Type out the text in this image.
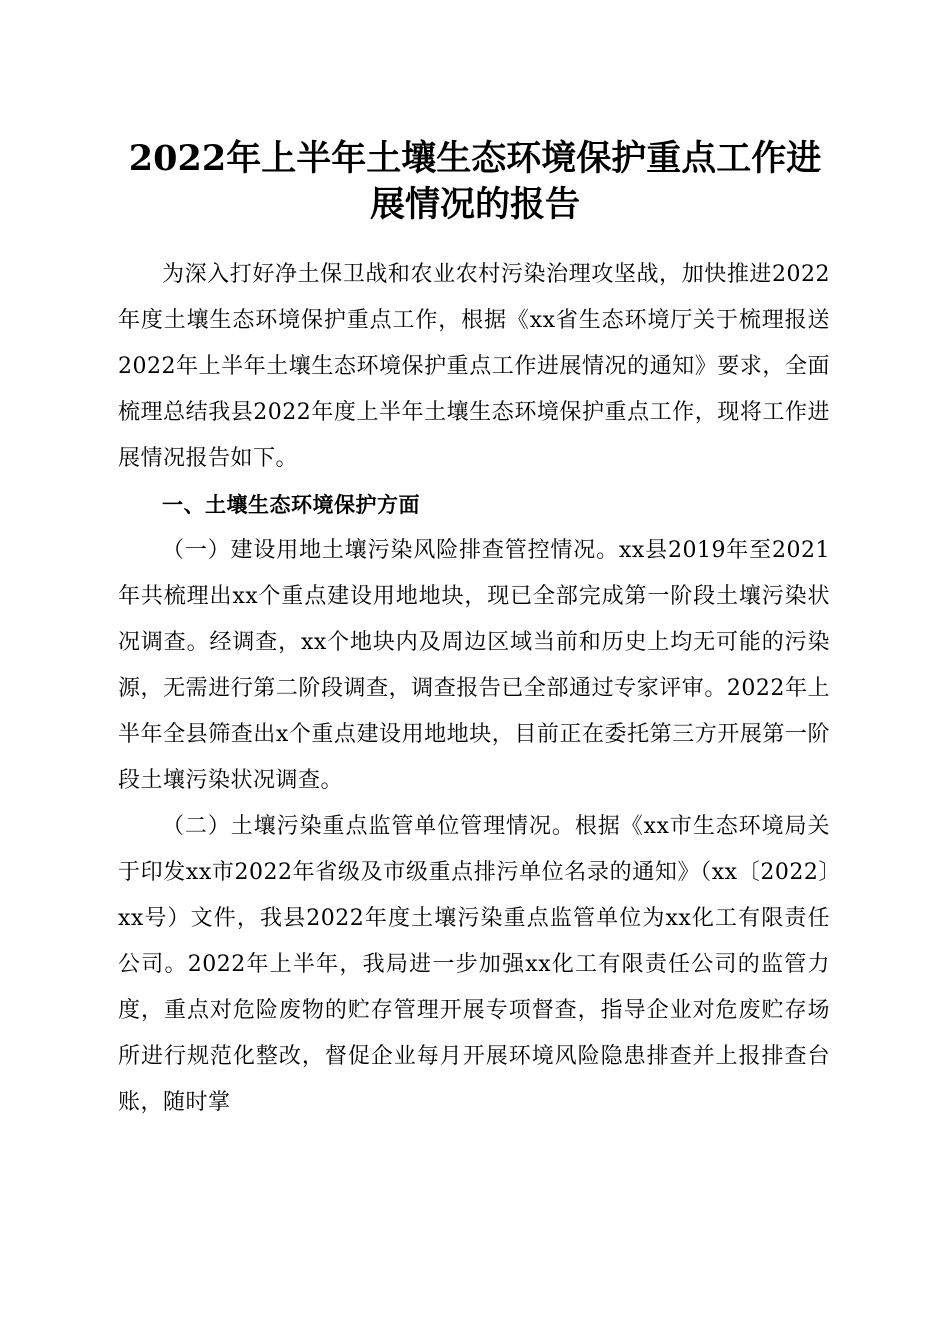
2022年上半年土壤生态环境保护重点工作进
展情况的报告

为深入打好净土保卫战和农业农村污染治理攻坚战，加快推进2022年度土壤生态环境保护重点工作，根据《xx省生态环境厅关于梳理报送2022年上半年土壤生态环境保护重点工作进展情况的通知》要求，全面梳理总结我县2022年度上半年土壤生态环境保护重点工作，现将工作进展情况报告如下。

一、土壤生态环境保护方面

（一）建设用地土壤污染风险排查管控情况。xx县2019年至2021年共梳理出xx个重点建设用地地块，现已全部完成第一阶段土壤污染状况调查。经调查，xx个地块内及周边区域当前和历史上均无可能的污染源，无需进行第二阶段调查，调查报告已全部通过专家评审。2022年上半年全县筛查出x个重点建设用地地块，目前正在委托第三方开展第一阶段土壤污染状况调查。

（二）土壤污染重点监管单位管理情况。根据《xx市生态环境局关于印发xx市2022年省级及市级重点排污单位名录的通知》（xx〔2022〕xx号）文件，我县2022年度土壤污染重点监管单位为xx化工有限责任公司。2022年上半年，我局进一步加强xx化工有限责任公司的监管力度，重点对危险废物的贮存管理开展专项督查，指导企业对危废贮存场所进行规范化整改，督促企业每月开展环境风险隐患排查并上报排查台账，随时掌
